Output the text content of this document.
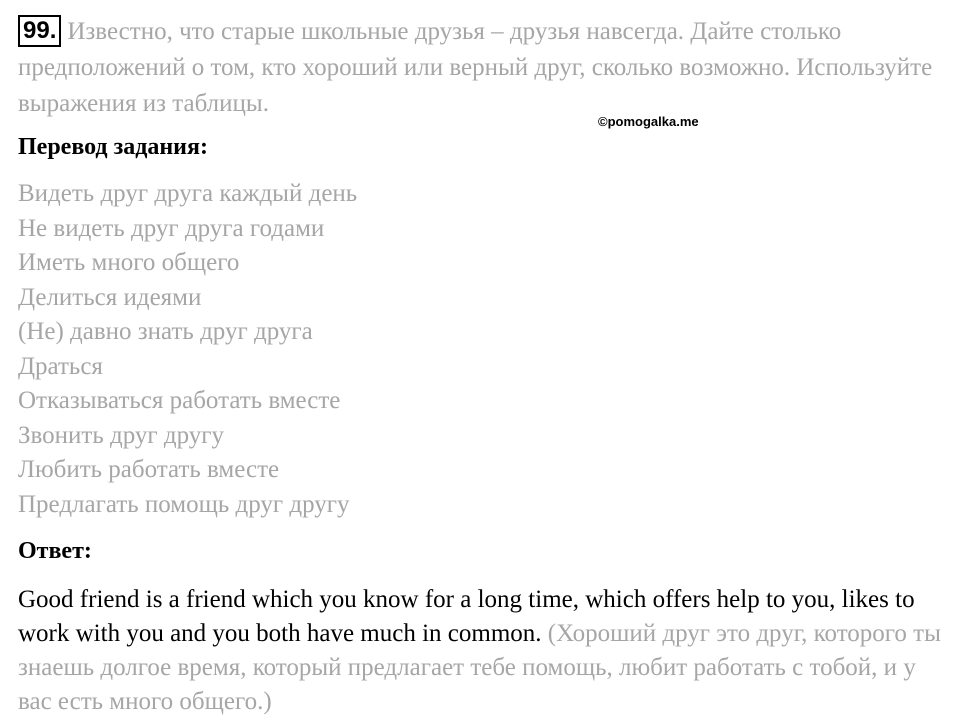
99. Известно, что старые школьные друзья – друзья навсегда. Дайте столько предположений о том, кто хороший или верный друг, сколько возможно. Используйте выражения из таблицы.
©pomogalka.me
Перевод задания:
Видеть друг друга каждый день
Не видеть друг друга годами
Иметь много общего
Делиться идеями
(Не) давно знать друг друга
Драться
Отказываться работать вместе
Звонить друг другу
Любить работать вместе
Предлагать помощь друг другу
Ответ:
Good friend is a friend which you know for a long time, which offers help to you, likes to work with you and you both have much in common. (Хороший друг это друг, которого ты знаешь долгое время, который предлагает тебе помощь, любит работать с тобой, и у вас есть много общего.)
